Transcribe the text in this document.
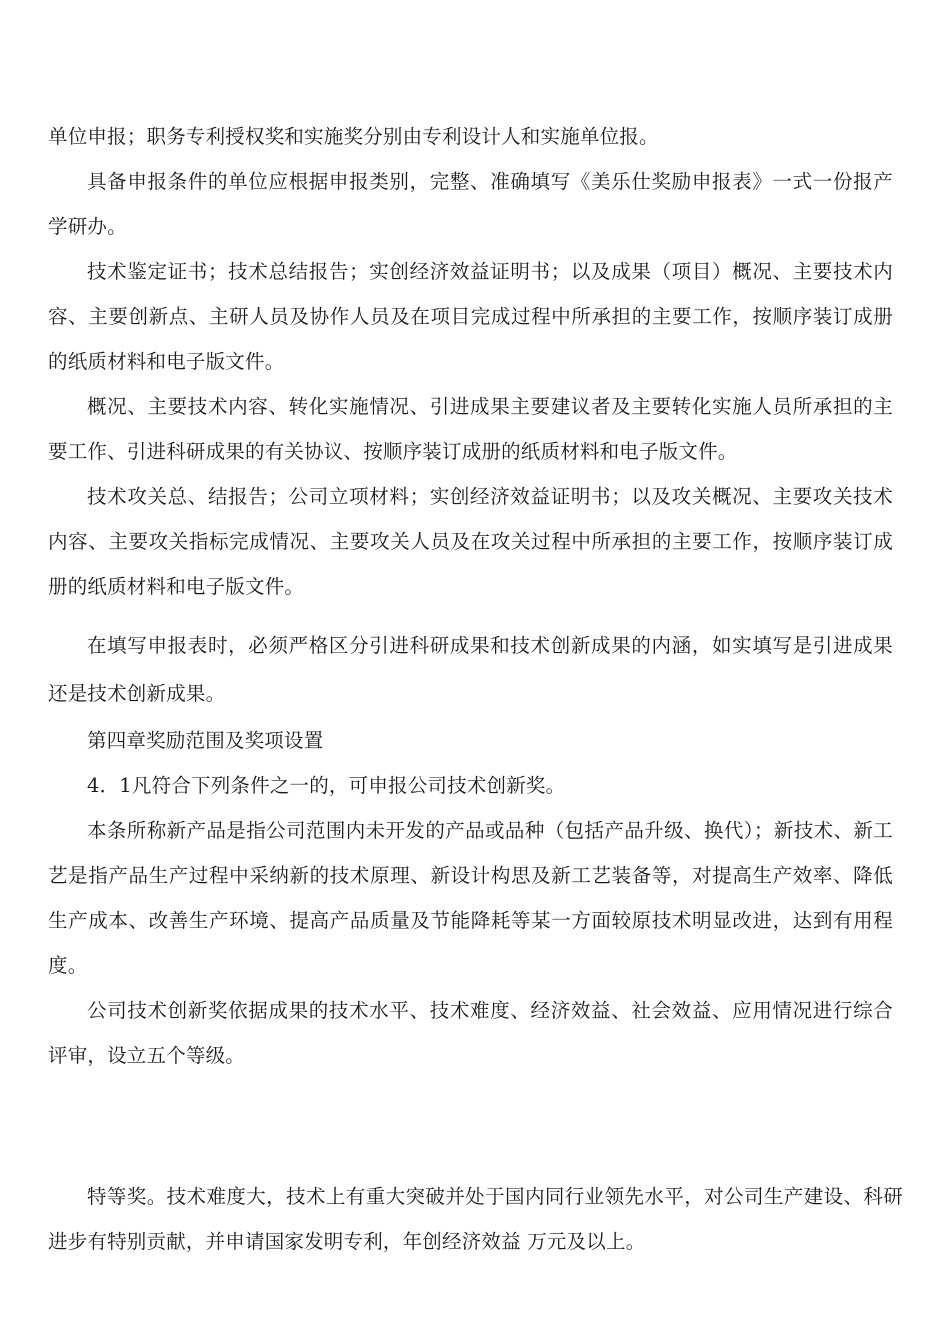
单位申报；职务专利授权奖和实施奖分别由专利设计人和实施单位报。

具备申报条件的单位应根据申报类别，完整、准确填写《美乐仕奖励申报表》一式一份报产学研办。

技术鉴定证书；技术总结报告；实创经济效益证明书；以及成果（项目）概况、主要技术内容、主要创新点、主研人员及协作人员及在项目完成过程中所承担的主要工作，按顺序装订成册的纸质材料和电子版文件。

概况、主要技术内容、转化实施情况、引进成果主要建议者及主要转化实施人员所承担的主要工作、引进科研成果的有关协议、按顺序装订成册的纸质材料和电子版文件。

技术攻关总、结报告；公司立项材料；实创经济效益证明书；以及攻关概况、主要攻关技术内容、主要攻关指标完成情况、主要攻关人员及在攻关过程中所承担的主要工作，按顺序装订成册的纸质材料和电子版文件。

在填写申报表时，必须严格区分引进科研成果和技术创新成果的内涵，如实填写是引进成果还是技术创新成果。

第四章奖励范围及奖项设置

4．1凡符合下列条件之一的，可申报公司技术创新奖。

本条所称新产品是指公司范围内未开发的产品或品种（包括产品升级、换代）；新技术、新工艺是指产品生产过程中采纳新的技术原理、新设计构思及新工艺装备等，对提高生产效率、降低生产成本、改善生产环境、提高产品质量及节能降耗等某一方面较原技术明显改进，达到有用程度。

公司技术创新奖依据成果的技术水平、技术难度、经济效益、社会效益、应用情况进行综合评审，设立五个等级。

特等奖。技术难度大，技术上有重大突破并处于国内同行业领先水平，对公司生产建设、科研进步有特别贡献，并申请国家发明专利，年创经济效益 万元及以上。
